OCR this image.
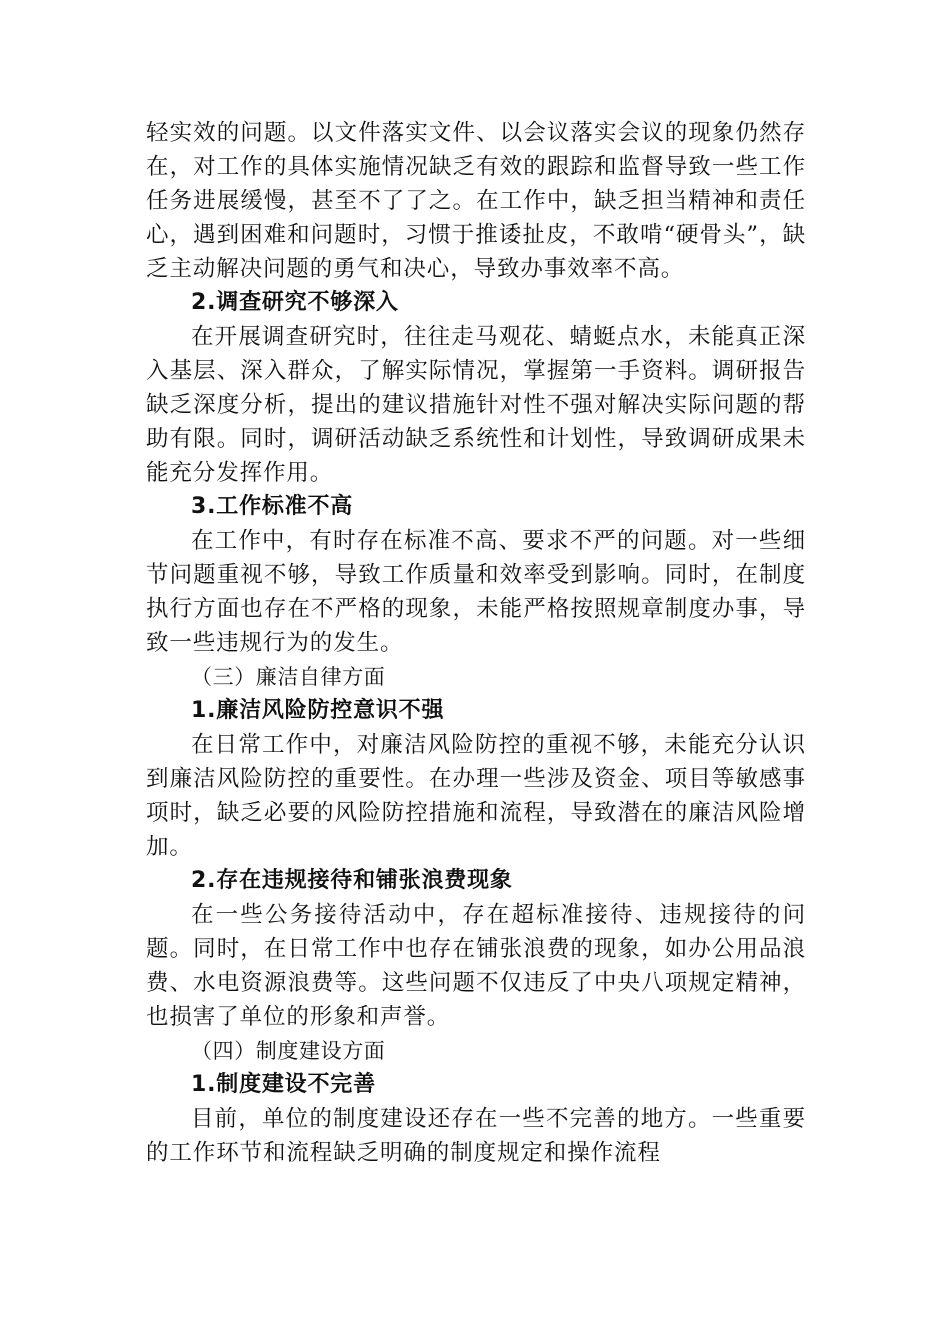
轻实效的问题。以文件落实文件、以会议落实会议的现象仍然存在，对工作的具体实施情况缺乏有效的跟踪和监督导致一些工作任务进展缓慢，甚至不了了之。在工作中，缺乏担当精神和责任心，遇到困难和问题时，习惯于推诿扯皮，不敢啃“硬骨头”，缺乏主动解决问题的勇气和决心，导致办事效率不高。

2.调查研究不够深入

在开展调查研究时，往往走马观花、蜻蜓点水，未能真正深入基层、深入群众，了解实际情况，掌握第一手资料。调研报告缺乏深度分析，提出的建议措施针对性不强对解决实际问题的帮助有限。同时，调研活动缺乏系统性和计划性，导致调研成果未能充分发挥作用。

3.工作标准不高

在工作中，有时存在标准不高、要求不严的问题。对一些细节问题重视不够，导致工作质量和效率受到影响。同时，在制度执行方面也存在不严格的现象，未能严格按照规章制度办事，导致一些违规行为的发生。

（三）廉洁自律方面

1.廉洁风险防控意识不强

在日常工作中，对廉洁风险防控的重视不够，未能充分认识到廉洁风险防控的重要性。在办理一些涉及资金、项目等敏感事项时，缺乏必要的风险防控措施和流程，导致潜在的廉洁风险增加。

2.存在违规接待和铺张浪费现象

在一些公务接待活动中，存在超标准接待、违规接待的问题。同时，在日常工作中也存在铺张浪费的现象，如办公用品浪费、水电资源浪费等。这些问题不仅违反了中央八项规定精神，也损害了单位的形象和声誉。

（四）制度建设方面

1.制度建设不完善

目前，单位的制度建设还存在一些不完善的地方。一些重要的工作环节和流程缺乏明确的制度规定和操作流程
